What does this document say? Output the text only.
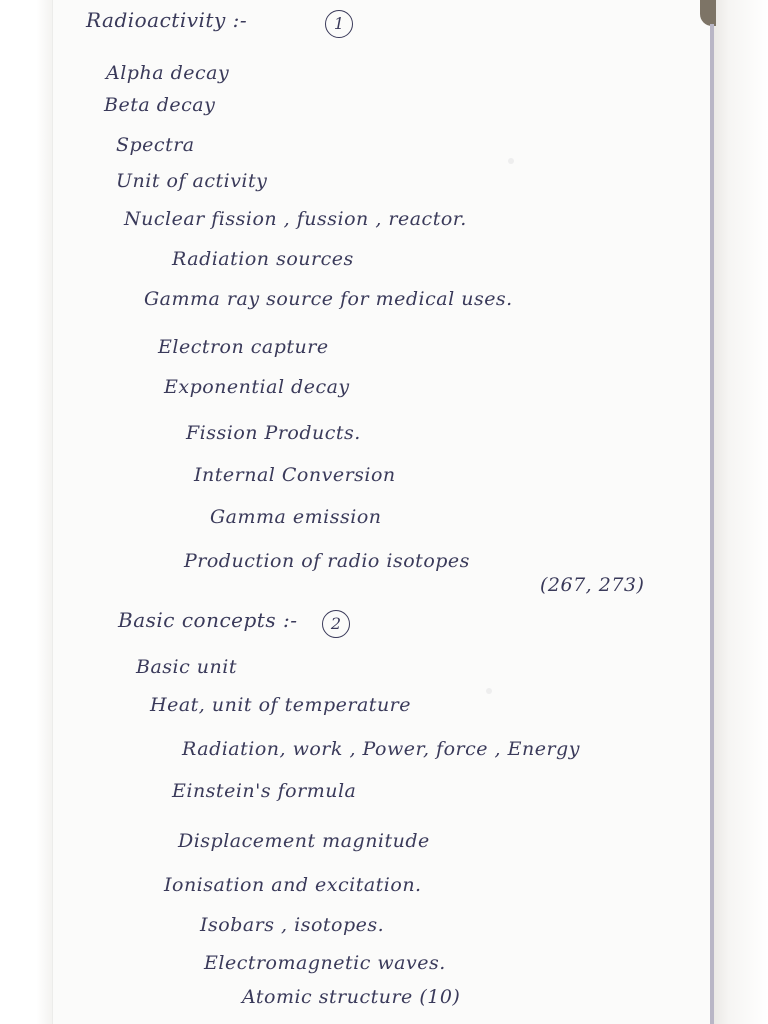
Radioactivity :-	1
Alpha decay
Beta decay
Spectra
Unit of activity
Nuclear fission , fussion , reactor.
Radiation sources
Gamma ray source for medical uses.
Electron capture
Exponential decay
Fission Products.
Internal Conversion
Gamma emission
Production of radio isotopes
(267, 273)
Basic concepts :-	2
Basic unit
Heat, unit of temperature
Radiation, work , Power, force , Energy
Einstein's formula
Displacement magnitude
Ionisation and excitation.
Isobars , isotopes.
Electromagnetic waves.
Atomic structure (10)
